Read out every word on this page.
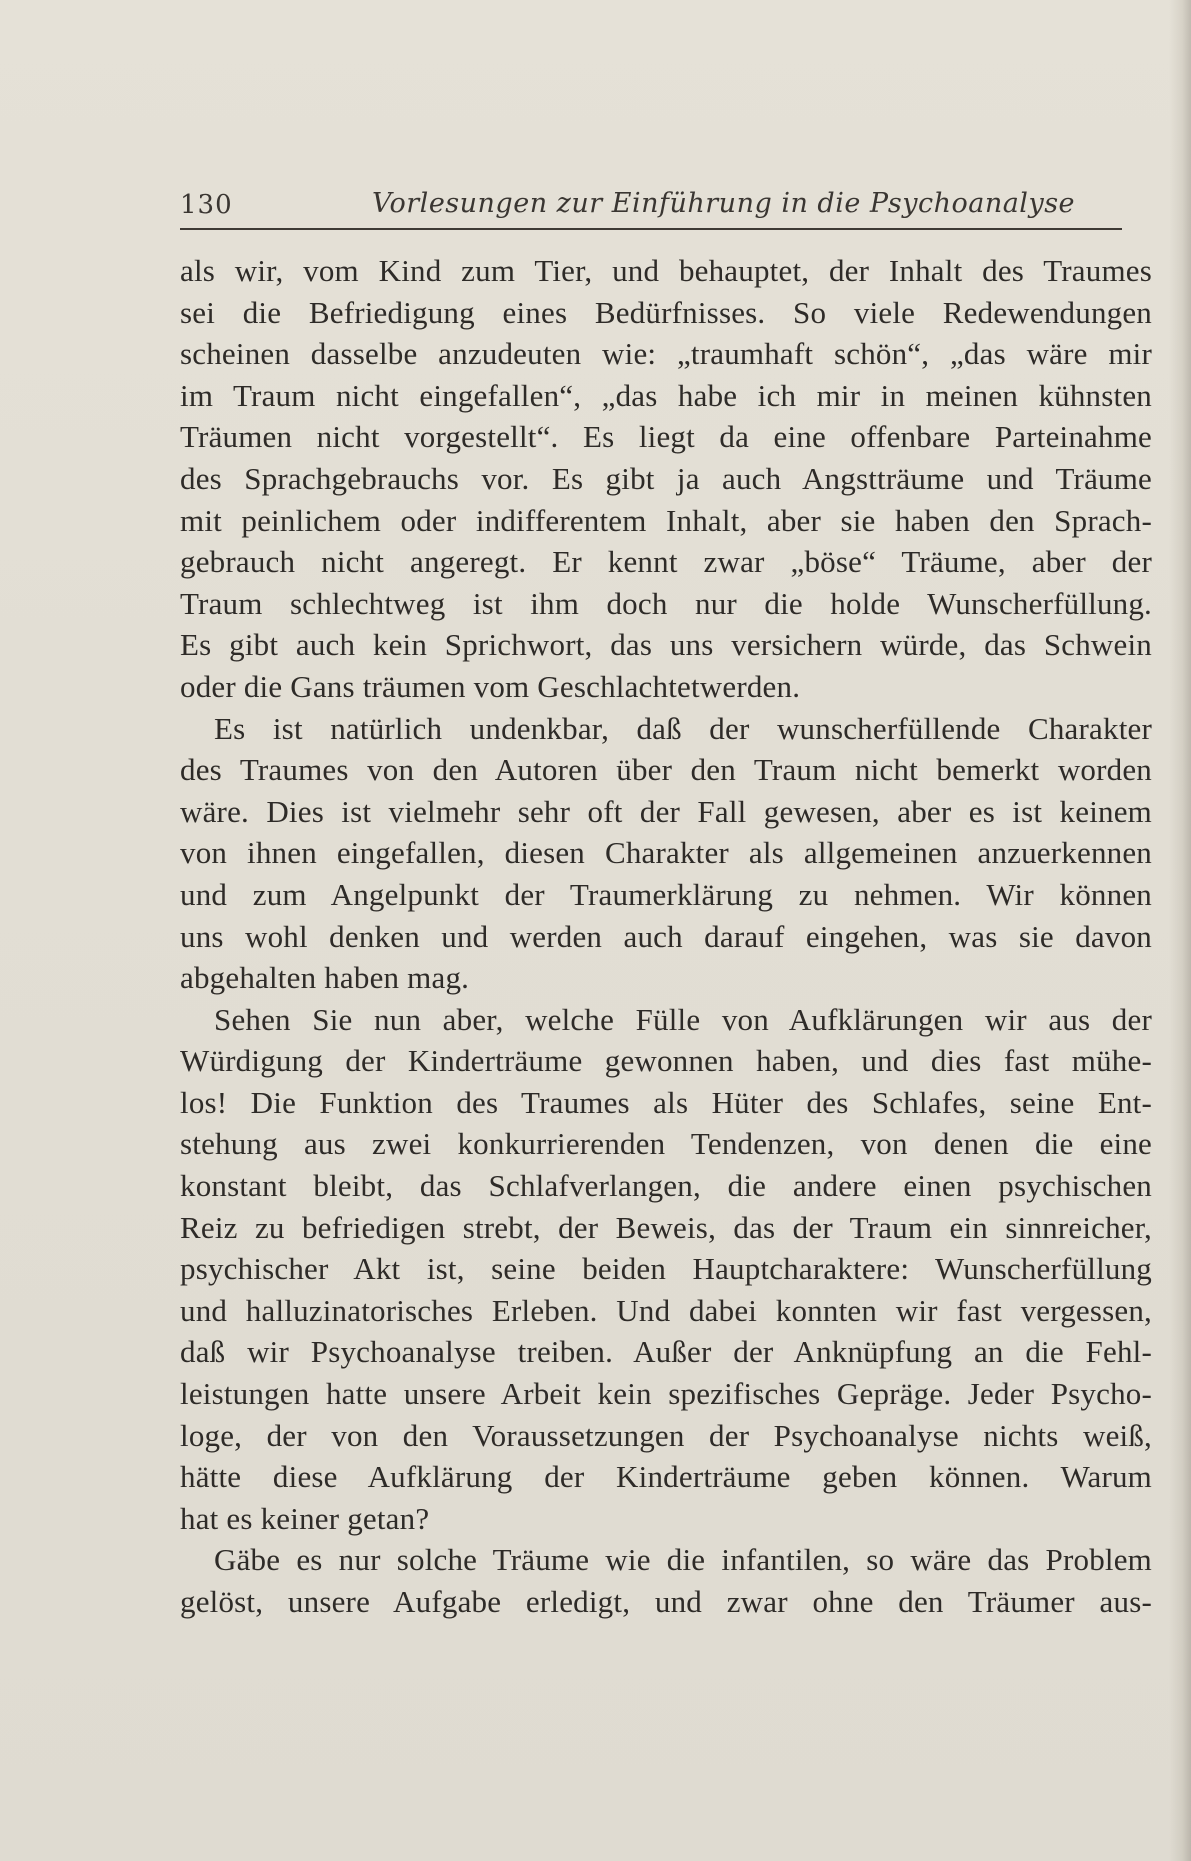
130	Vorlesungen zur Einführung in die Psychoanalyse
als wir, vom Kind zum Tier, und behauptet, der Inhalt des Traumes
sei die Befriedigung eines Bedürfnisses. So viele Redewendungen
scheinen dasselbe anzudeuten wie: „traumhaft schön“, „das wäre mir
im Traum nicht eingefallen“, „das habe ich mir in meinen kühnsten
Träumen nicht vorgestellt“. Es liegt da eine offenbare Parteinahme
des Sprachgebrauchs vor. Es gibt ja auch Angstträume und Träume
mit peinlichem oder indifferentem Inhalt, aber sie haben den Sprach-
gebrauch nicht angeregt. Er kennt zwar „böse“ Träume, aber der
Traum schlechtweg ist ihm doch nur die holde Wunscherfüllung.
Es gibt auch kein Sprichwort, das uns versichern würde, das Schwein
oder die Gans träumen vom Geschlachtetwerden.
Es ist natürlich undenkbar, daß der wunscherfüllende Charakter
des Traumes von den Autoren über den Traum nicht bemerkt worden
wäre. Dies ist vielmehr sehr oft der Fall gewesen, aber es ist keinem
von ihnen eingefallen, diesen Charakter als allgemeinen anzuerkennen
und zum Angelpunkt der Traumerklärung zu nehmen. Wir können
uns wohl denken und werden auch darauf eingehen, was sie davon
abgehalten haben mag.
Sehen Sie nun aber, welche Fülle von Aufklärungen wir aus der
Würdigung der Kinderträume gewonnen haben, und dies fast mühe-
los! Die Funktion des Traumes als Hüter des Schlafes, seine Ent-
stehung aus zwei konkurrierenden Tendenzen, von denen die eine
konstant bleibt, das Schlafverlangen, die andere einen psychischen
Reiz zu befriedigen strebt, der Beweis, das der Traum ein sinnreicher,
psychischer Akt ist, seine beiden Hauptcharaktere: Wunscherfüllung
und halluzinatorisches Erleben. Und dabei konnten wir fast vergessen,
daß wir Psychoanalyse treiben. Außer der Anknüpfung an die Fehl-
leistungen hatte unsere Arbeit kein spezifisches Gepräge. Jeder Psycho-
loge, der von den Voraussetzungen der Psychoanalyse nichts weiß,
hätte diese Aufklärung der Kinderträume geben können. Warum
hat es keiner getan?
Gäbe es nur solche Träume wie die infantilen, so wäre das Problem
gelöst, unsere Aufgabe erledigt, und zwar ohne den Träumer aus-
